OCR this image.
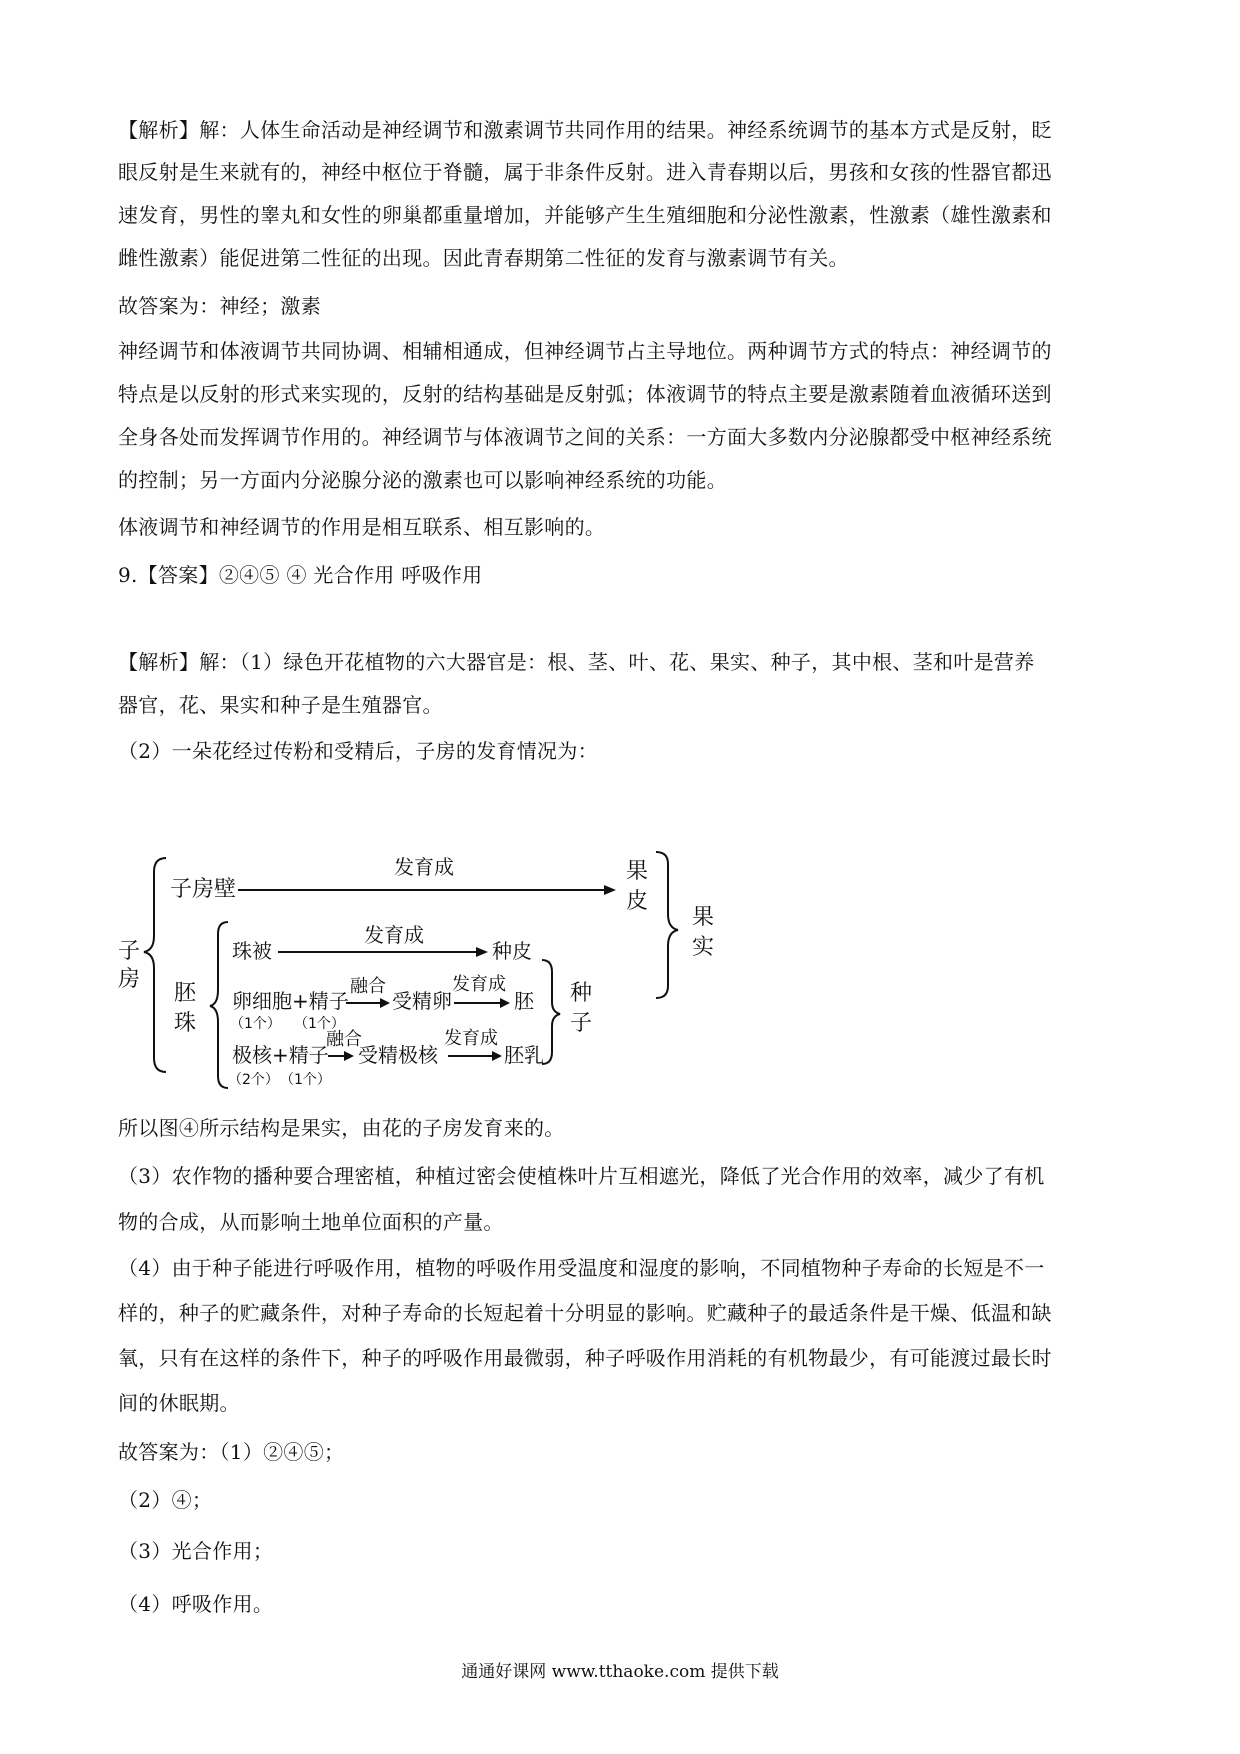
【解析】解：人体生命活动是神经调节和激素调节共同作用的结果。神经系统调节的基本方式是反射，眨
眼反射是生来就有的，神经中枢位于脊髓，属于非条件反射。进入青春期以后，男孩和女孩的性器官都迅
速发育，男性的睾丸和女性的卵巢都重量增加，并能够产生生殖细胞和分泌性激素，性激素（雄性激素和
雌性激素）能促进第二性征的出现。因此青春期第二性征的发育与激素调节有关。
故答案为：神经；激素
神经调节和体液调节共同协调、相辅相通成，但神经调节占主导地位。两种调节方式的特点：神经调节的
特点是以反射的形式来实现的，反射的结构基础是反射弧；体液调节的特点主要是激素随着血液循环送到
全身各处而发挥调节作用的。神经调节与体液调节之间的关系：一方面大多数内分泌腺都受中枢神经系统
的控制；另一方面内分泌腺分泌的激素也可以影响神经系统的功能。
体液调节和神经调节的作用是相互联系、相互影响的。
9.【答案】②④⑤ ④ 光合作用 呼吸作用
【解析】解：（1）绿色开花植物的六大器官是：根、茎、叶、花、果实、种子，其中根、茎和叶是营养
器官，花、果实和种子是生殖器官。
（2）一朵花经过传粉和受精后，子房的发育情况为：
子
房
子房壁
发育成	果
皮
果
实
胚
珠
珠被
发育成
种皮
卵细胞+精子
（1个） （1个）
融合
受精卵
发育成
胚
极核+精子
（2个） （1个）
融合
受精极核
发育成
胚乳
种
子
所以图④所示结构是果实，由花的子房发育来的。
（3）农作物的播种要合理密植，种植过密会使植株叶片互相遮光，降低了光合作用的效率，减少了有机
物的合成，从而影响土地单位面积的产量。
（4）由于种子能进行呼吸作用，植物的呼吸作用受温度和湿度的影响，不同植物种子寿命的长短是不一
样的，种子的贮藏条件，对种子寿命的长短起着十分明显的影响。贮藏种子的最适条件是干燥、低温和缺
氧，只有在这样的条件下，种子的呼吸作用最微弱，种子呼吸作用消耗的有机物最少，有可能渡过最长时
间的休眠期。
故答案为：（1）②④⑤；
（2）④；
（3）光合作用；
（4）呼吸作用。
通通好课网 www.tthaoke.com 提供下载
